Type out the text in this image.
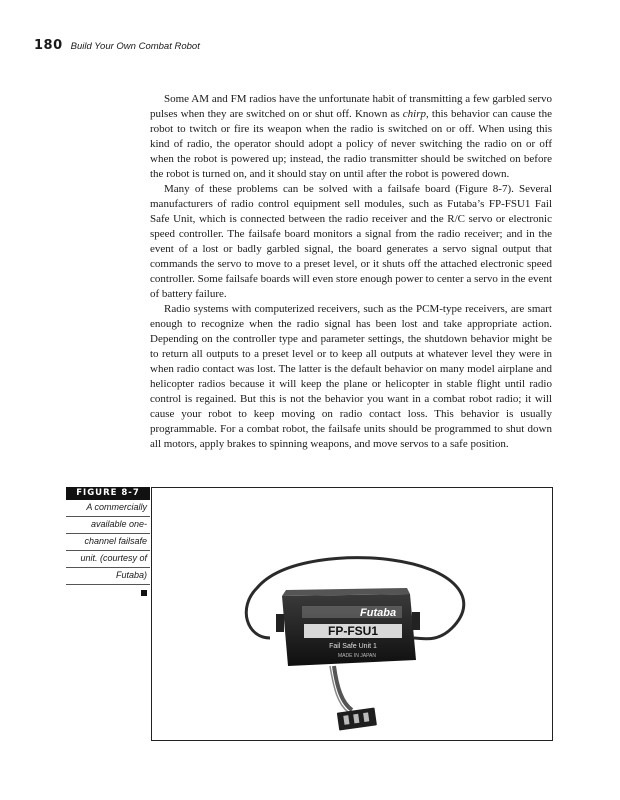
180 Build Your Own Combat Robot

Some AM and FM radios have the unfortunate habit of transmitting a few garbled servo pulses when they are switched on or shut off. Known as chirp, this behavior can cause the robot to twitch or fire its weapon when the radio is switched on or off. When using this kind of radio, the operator should adopt a policy of never switching the radio on or off when the robot is powered up; instead, the radio transmitter should be switched on before the robot is turned on, and it should stay on until after the robot is powered down.

Many of these problems can be solved with a failsafe board (Figure 8-7). Several manufacturers of radio control equipment sell modules, such as Futaba’s FP-FSU1 Fail Safe Unit, which is connected between the radio receiver and the R/C servo or electronic speed controller. The failsafe board monitors a signal from the radio receiver; and in the event of a lost or badly garbled signal, the board generates a servo signal output that commands the servo to move to a preset level, or it shuts off the attached electronic speed controller. Some failsafe boards will even store enough power to center a servo in the event of battery failure.

Radio systems with computerized receivers, such as the PCM-type receivers, are smart enough to recognize when the radio signal has been lost and take appropriate action. Depending on the controller type and parameter settings, the shutdown behavior might be to return all outputs to a preset level or to keep all outputs at whatever level they were in when radio contact was lost. The latter is the default behavior on many model airplane and helicopter radios because it will keep the plane or helicopter in stable flight until radio control is regained. But this is not the behavior you want in a combat robot radio; it will cause your robot to keep moving on radio contact loss. This behavior is usually programmable. For a combat robot, the failsafe units should be programmed to shut down all motors, apply brakes to spinning weapons, and move servos to a safe position.

FIGURE 8-7
A commercially
available one-
channel failsafe
unit. (courtesy of
Futaba)
Futaba
FP-FSU1
Fail Safe Unit 1
MADE IN JAPAN
